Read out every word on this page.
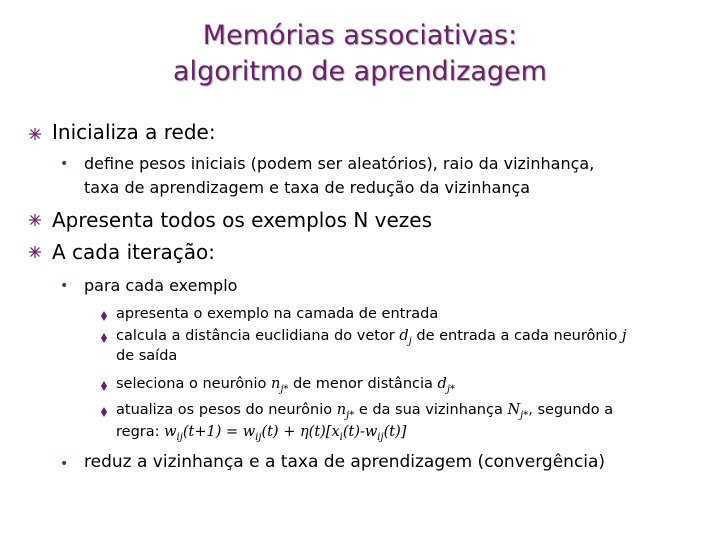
Memórias associativas:
algoritmo de aprendizagem
Inicializa a rede:
• define pesos iniciais (podem ser aleatórios), raio da vizinhança,
taxa de aprendizagem e taxa de redução da vizinhança
Apresenta todos os exemplos N vezes
A cada iteração:
• para cada exemplo
apresenta o exemplo na camada de entrada
calcula a distância euclidiana do vetor $d_j$ de entrada a cada neurônio j
de saída
seleciona o neurônio $n_{j*}$ de menor distância $d_{j*}$
atualiza os pesos do neurônio $n_{j*}$ e da sua vizinhança $N_{j*}$, segundo a
regra: $w_{ij}(t+1) = w_{ij}(t) + \eta(t)[x_i(t)-w_{ij}(t)]$
• reduz a vizinhança e a taxa de aprendizagem (convergência)
